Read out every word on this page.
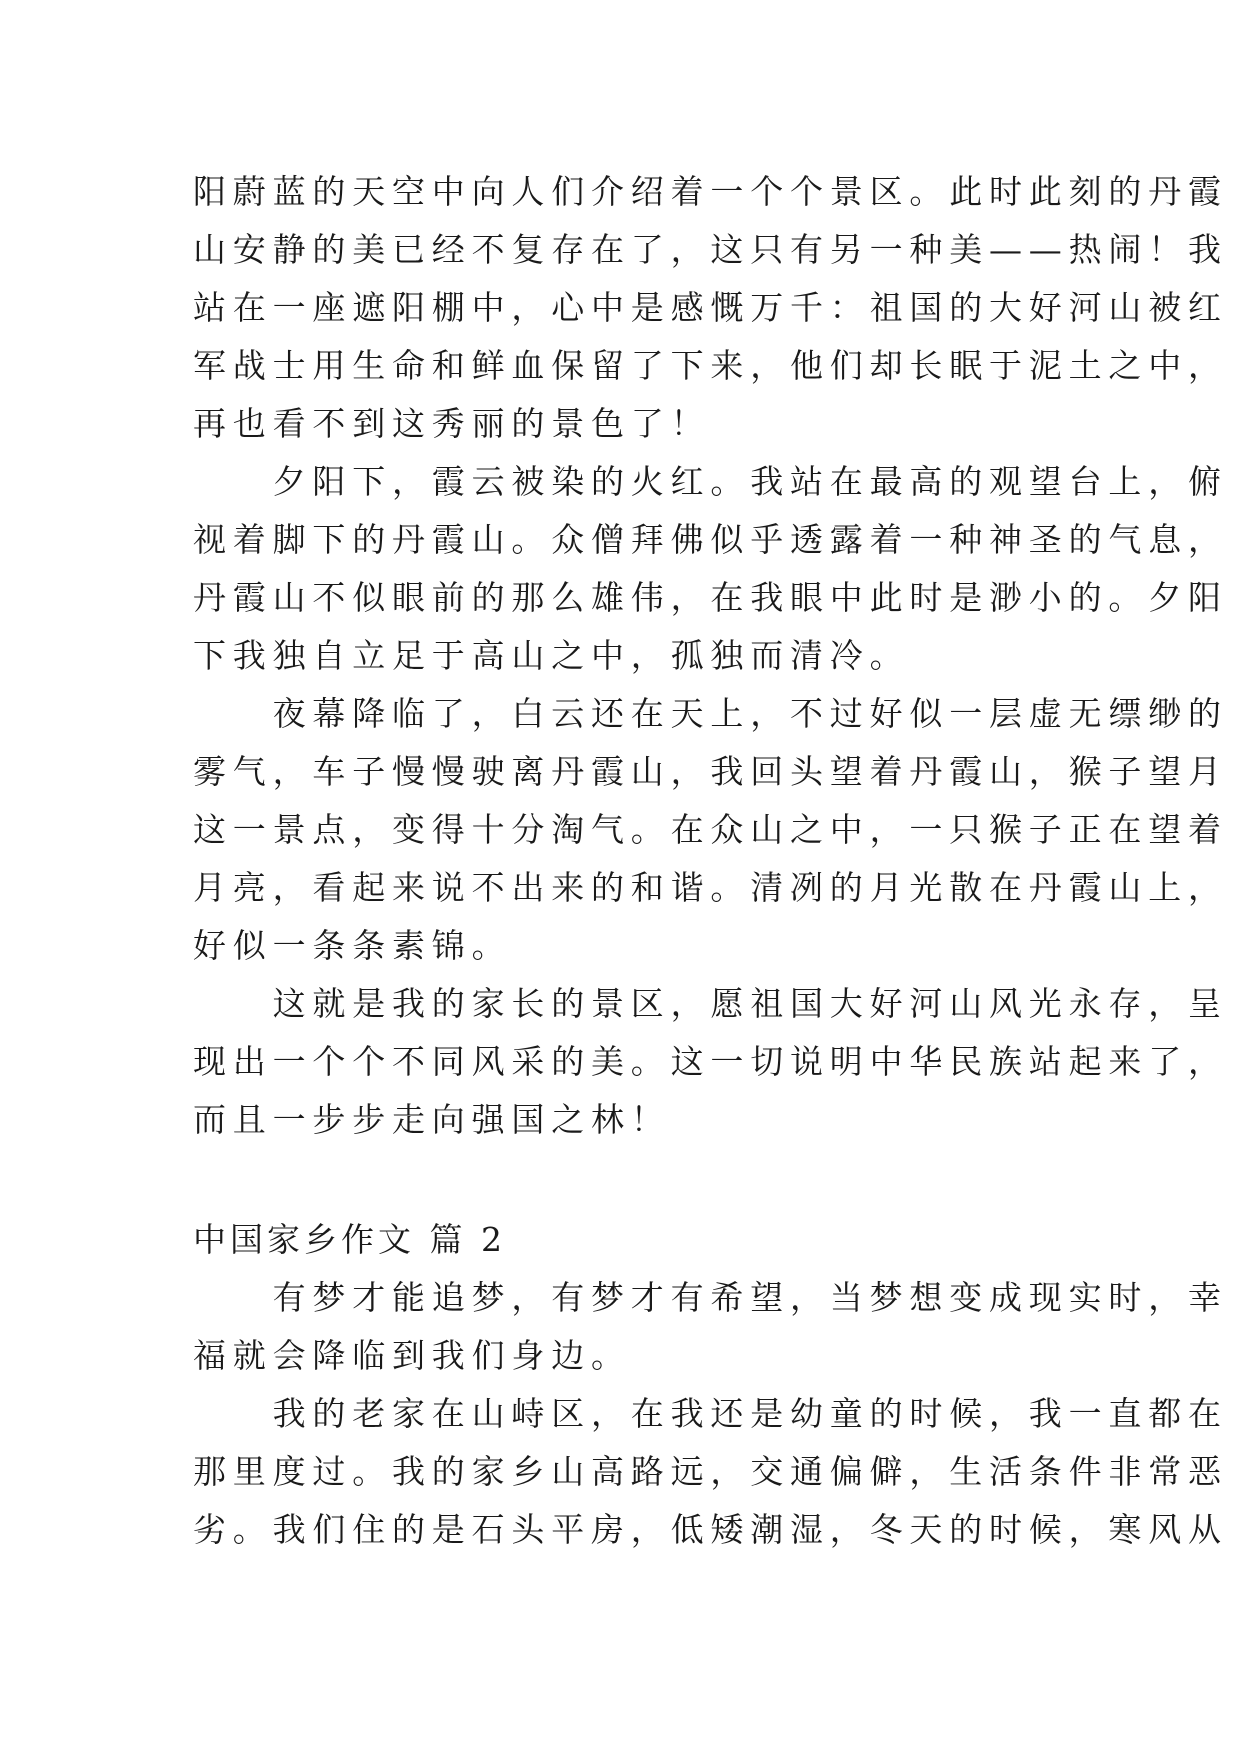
阳蔚蓝的天空中向人们介绍着一个个景区。此时此刻的丹霞
山安静的美已经不复存在了，这只有另一种美——热闹！我
站在一座遮阳棚中，心中是感慨万千：祖国的大好河山被红
军战士用生命和鲜血保留了下来，他们却长眠于泥土之中，
再也看不到这秀丽的景色了！
　　夕阳下，霞云被染的火红。我站在最高的观望台上，俯
视着脚下的丹霞山。众僧拜佛似乎透露着一种神圣的气息，
丹霞山不似眼前的那么雄伟，在我眼中此时是渺小的。夕阳
下我独自立足于高山之中，孤独而清冷。
　　夜幕降临了，白云还在天上，不过好似一层虚无缥缈的
雾气，车子慢慢驶离丹霞山，我回头望着丹霞山，猴子望月
这一景点，变得十分淘气。在众山之中，一只猴子正在望着
月亮，看起来说不出来的和谐。清冽的月光散在丹霞山上，
好似一条条素锦。
　　这就是我的家长的景区，愿祖国大好河山风光永存，呈
现出一个个不同风采的美。这一切说明中华民族站起来了，
而且一步步走向强国之林！
中国家乡作文 篇 2
　　有梦才能追梦，有梦才有希望，当梦想变成现实时，幸
福就会降临到我们身边。
　　我的老家在山峙区，在我还是幼童的时候，我一直都在
那里度过。我的家乡山高路远，交通偏僻，生活条件非常恶
劣。我们住的是石头平房，低矮潮湿，冬天的时候，寒风从
